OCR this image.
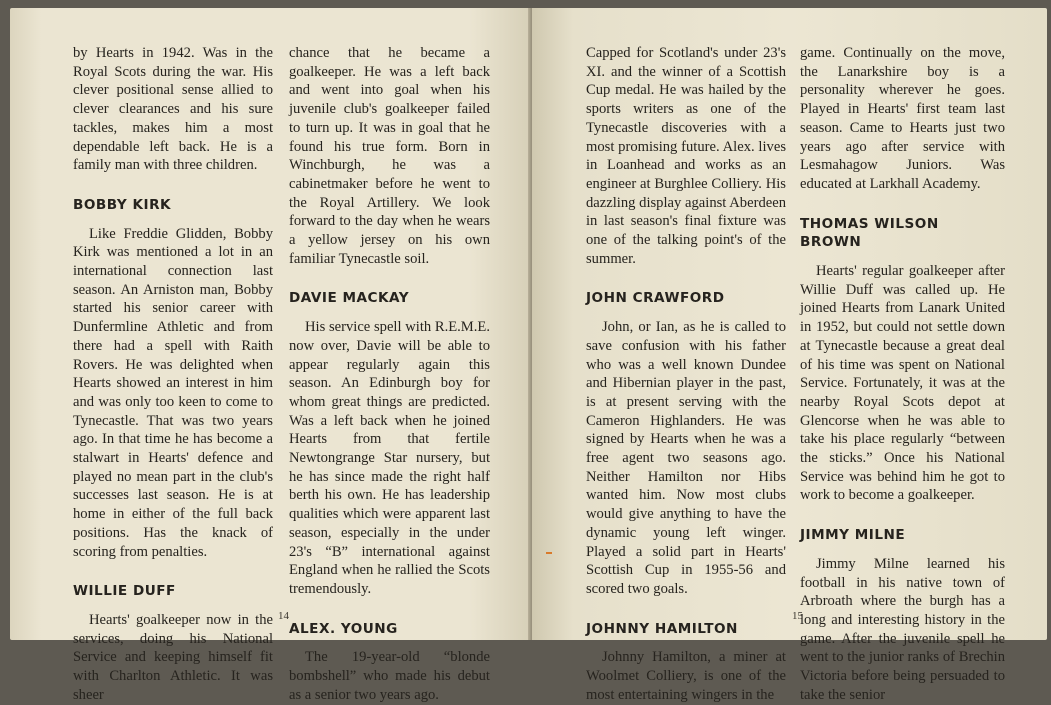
by Hearts in 1942. Was in the Royal Scots during the war. His clever positional sense allied to clever clearances and his sure tackles, makes him a most dependable left back. He is a family man with three children.

BOBBY KIRK

Like Freddie Glidden, Bobby Kirk was mentioned a lot in an international connection last season. An Arniston man, Bobby started his senior career with Dunfermline Athletic and from there had a spell with Raith Rovers. He was delighted when Hearts showed an interest in him and was only too keen to come to Tynecastle. That was two years ago. In that time he has become a stalwart in Hearts' defence and played no mean part in the club's successes last season. He is at home in either of the full back positions. Has the knack of scoring from penalties.

WILLIE DUFF

Hearts' goalkeeper now in the services, doing his National Service and keeping himself fit with Charlton Athletic. It was sheer

chance that he became a goalkeeper. He was a left back and went into goal when his juvenile club's goalkeeper failed to turn up. It was in goal that he found his true form. Born in Winchburgh, he was a cabinetmaker before he went to the Royal Artillery. We look forward to the day when he wears a yellow jersey on his own familiar Tynecastle soil.

DAVIE MACKAY

His service spell with R.E.M.E. now over, Davie will be able to appear regularly again this season. An Edinburgh boy for whom great things are predicted. Was a left back when he joined Hearts from that fertile Newtongrange Star nursery, but he has since made the right half berth his own. He has leadership qualities which were apparent last season, especially in the under 23's “B” international against England when he rallied the Scots tremendously.

ALEX. YOUNG

The 19-year-old “blonde bombshell” who made his debut as a senior two years ago.

14

Capped for Scotland's under 23's XI. and the winner of a Scottish Cup medal. He was hailed by the sports writers as one of the Tynecastle discoveries with a most promising future. Alex. lives in Loanhead and works as an engineer at Burghlee Colliery. His dazzling display against Aberdeen in last season's final fixture was one of the talking point's of the summer.

JOHN CRAWFORD

John, or Ian, as he is called to save confusion with his father who was a well known Dundee and Hibernian player in the past, is at present serving with the Cameron Highlanders. He was signed by Hearts when he was a free agent two seasons ago. Neither Hamilton nor Hibs wanted him. Now most clubs would give anything to have the dynamic young left winger. Played a solid part in Hearts' Scottish Cup in 1955-56 and scored two goals.

JOHNNY HAMILTON

Johnny Hamilton, a miner at Woolmet Colliery, is one of the most entertaining wingers in the

game. Continually on the move, the Lanarkshire boy is a personality wherever he goes. Played in Hearts' first team last season. Came to Hearts just two years ago after service with Lesmahagow Juniors. Was educated at Larkhall Academy.

THOMAS WILSON BROWN

Hearts' regular goalkeeper after Willie Duff was called up. He joined Hearts from Lanark United in 1952, but could not settle down at Tynecastle because a great deal of his time was spent on National Service. Fortunately, it was at the nearby Royal Scots depot at Glencorse when he was able to take his place regularly “between the sticks.” Once his National Service was behind him he got to work to become a goalkeeper.

JIMMY MILNE

Jimmy Milne learned his football in his native town of Arbroath where the burgh has a long and interesting history in the game. After the juvenile spell he went to the junior ranks of Brechin Victoria before being persuaded to take the senior

15
